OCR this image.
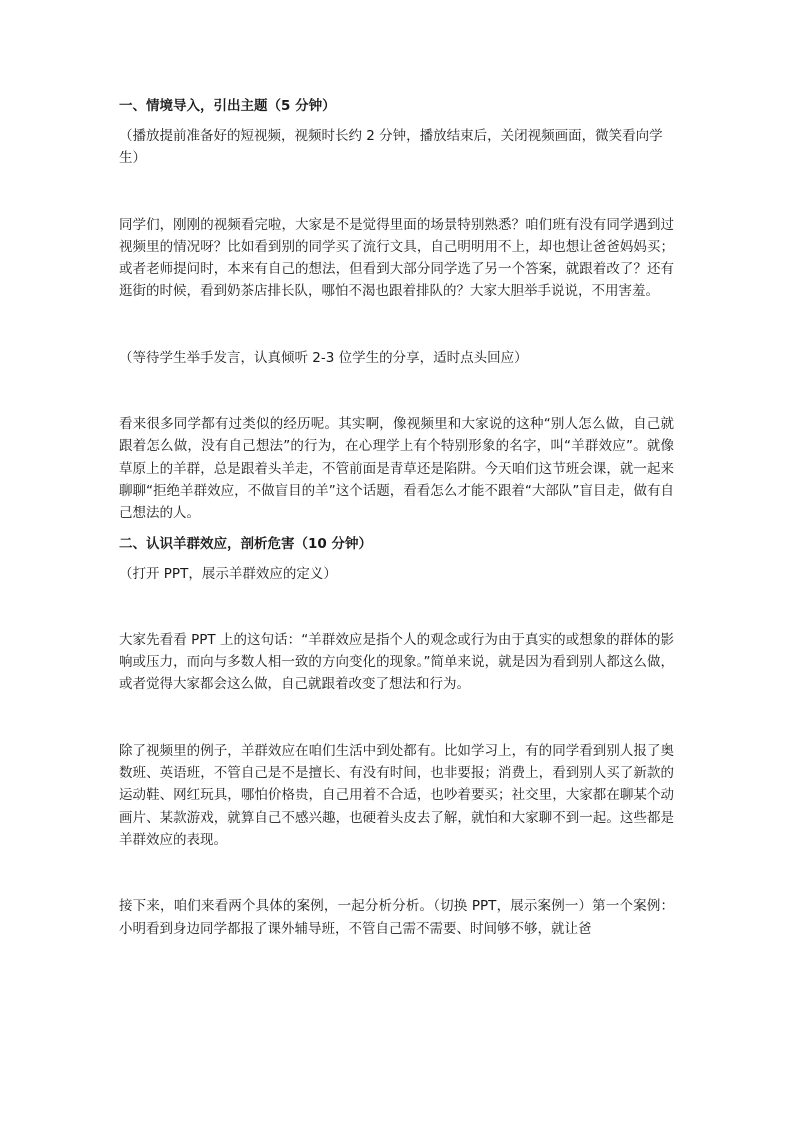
一、情境导入，引出主题（5 分钟）

（播放提前准备好的短视频，视频时长约 2 分钟，播放结束后，关闭视频画面，微笑看向学生）

同学们，刚刚的视频看完啦，大家是不是觉得里面的场景特别熟悉？咱们班有没有同学遇到过视频里的情况呀？比如看到别的同学买了流行文具，自己明明用不上，却也想让爸爸妈妈买；或者老师提问时，本来有自己的想法，但看到大部分同学选了另一个答案，就跟着改了？还有逛街的时候，看到奶茶店排长队，哪怕不渴也跟着排队的？大家大胆举手说说，不用害羞。

（等待学生举手发言，认真倾听 2-3 位学生的分享，适时点头回应）

看来很多同学都有过类似的经历呢。其实啊，像视频里和大家说的这种“别人怎么做，自己就跟着怎么做，没有自己想法”的行为，在心理学上有个特别形象的名字，叫“羊群效应”。就像草原上的羊群，总是跟着头羊走，不管前面是青草还是陷阱。今天咱们这节班会课，就一起来聊聊“拒绝羊群效应，不做盲目的羊”这个话题，看看怎么才能不跟着“大部队”盲目走，做有自己想法的人。

二、认识羊群效应，剖析危害（10 分钟）

（打开 PPT，展示羊群效应的定义）

大家先看看 PPT 上的这句话：“羊群效应是指个人的观念或行为由于真实的或想象的群体的影响或压力，而向与多数人相一致的方向变化的现象。”简单来说，就是因为看到别人都这么做，或者觉得大家都会这么做，自己就跟着改变了想法和行为。

除了视频里的例子，羊群效应在咱们生活中到处都有。比如学习上，有的同学看到别人报了奥数班、英语班，不管自己是不是擅长、有没有时间，也非要报；消费上，看到别人买了新款的运动鞋、网红玩具，哪怕价格贵，自己用着不合适，也吵着要买；社交里，大家都在聊某个动画片、某款游戏，就算自己不感兴趣，也硬着头皮去了解，就怕和大家聊不到一起。这些都是羊群效应的表现。

接下来，咱们来看两个具体的案例，一起分析分析。（切换 PPT，展示案例一）第一个案例：小明看到身边同学都报了课外辅导班，不管自己需不需要、时间够不够，就让爸
